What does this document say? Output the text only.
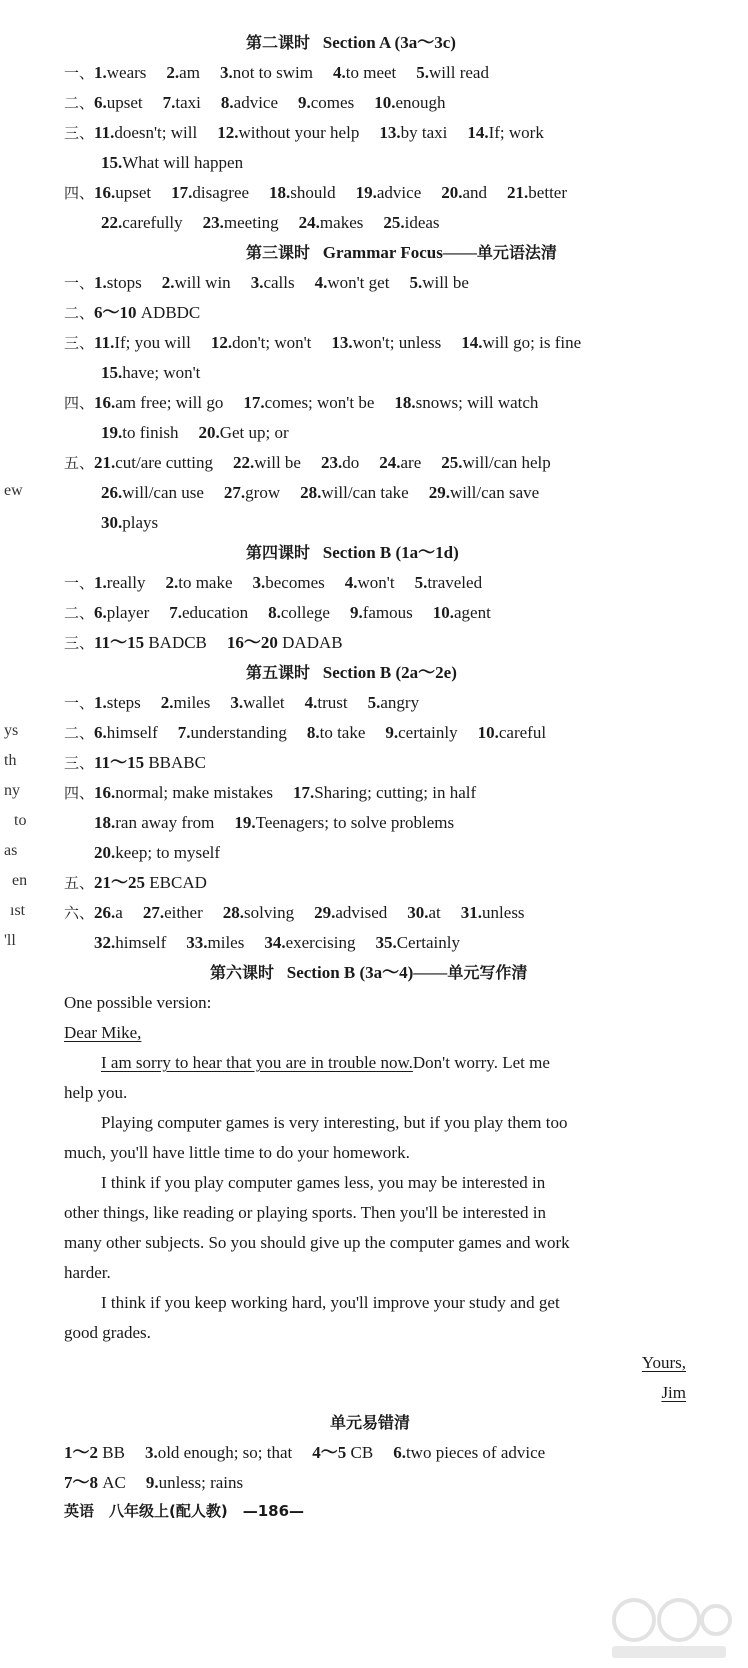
第二课时 Section A (3a～3c)
一、1.wears 2.am 3.not to swim 4.to meet 5.will read
二、6.upset 7.taxi 8.advice 9.comes 10.enough
三、11.doesn't; will 12.without your help 13.by taxi 14.If; work
15.What will happen
四、16.upset 17.disagree 18.should 19.advice 20.and 21.better
22.carefully 23.meeting 24.makes 25.ideas
第三课时 Grammar Focus——单元语法清
一、1.stops 2.will win 3.calls 4.won't get 5.will be
二、6～10 ADBDC
三、11.If; you will 12.don't; won't 13.won't; unless 14.will go; is fine
15.have; won't
四、16.am free; will go 17.comes; won't be 18.snows; will watch
19.to finish 20.Get up; or
五、21.cut/are cutting 22.will be 23.do 24.are 25.will/can help
26.will/can use 27.grow 28.will/can take 29.will/can save
30.plays
第四课时 Section B (1a～1d)
一、1.really 2.to make 3.becomes 4.won't 5.traveled
二、6.player 7.education 8.college 9.famous 10.agent
三、11～15 BADCB 16～20 DADAB
第五课时 Section B (2a～2e)
一、1.steps 2.miles 3.wallet 4.trust 5.angry
二、6.himself 7.understanding 8.to take 9.certainly 10.careful
三、11～15 BBABC
四、16.normal; make mistakes 17.Sharing; cutting; in half
18.ran away from 19.Teenagers; to solve problems
20.keep; to myself
五、21～25 EBCAD
六、26.a 27.either 28.solving 29.advised 30.at 31.unless
32.himself 33.miles 34.exercising 35.Certainly
第六课时 Section B (3a～4)——单元写作清
One possible version:
Dear Mike,
I am sorry to hear that you are in trouble now.Don't worry. Let me
help you.
Playing computer games is very interesting, but if you play them too
much, you'll have little time to do your homework.
I think if you play computer games less, you may be interested in
other things, like reading or playing sports. Then you'll be interested in
many other subjects. So you should give up the computer games and work
harder.
I think if you keep working hard, you'll improve your study and get
good grades.
Yours,
Jim
单元易错清
1～2 BB 3.old enough; so; that 4～5 CB 6.two pieces of advice
7～8 AC 9.unless; rains
ew
ys
th
ny
to
as
en
ıst
'll
英语　八年级上(配人教)　—186—
